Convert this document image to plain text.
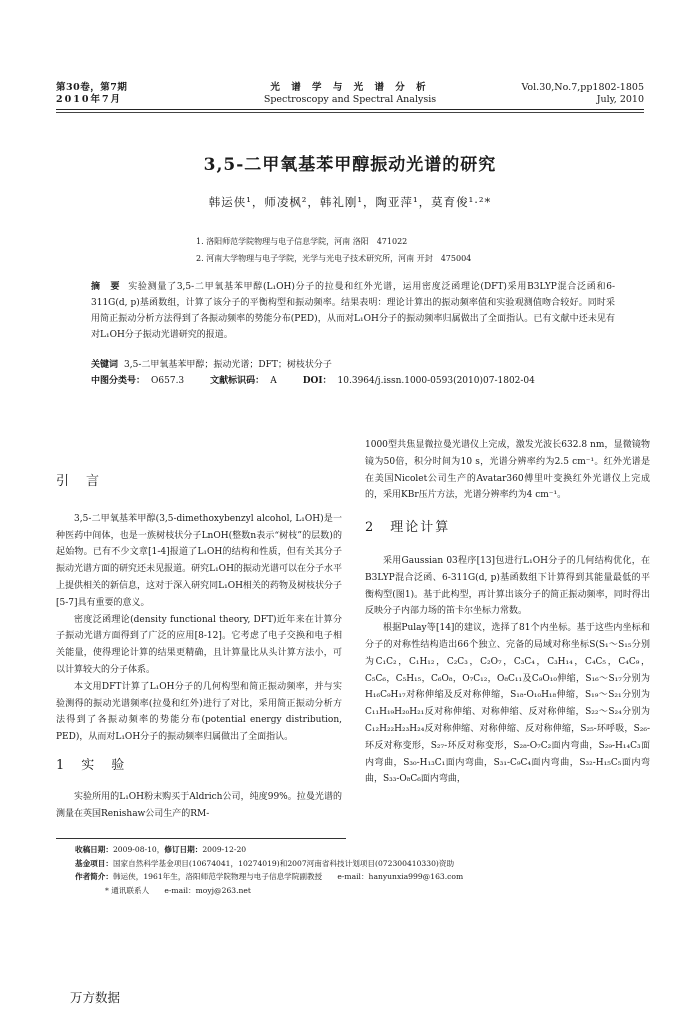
第30卷，第7期
2010年7月
光 谱 学 与 光 谱 分 析
Spectroscopy and Spectral Analysis
Vol.30,No.7,pp1802-1805
July, 2010
3,5-二甲氧基苯甲醇振动光谱的研究
韩运侠¹，师凌枫²，韩礼刚¹，陶亚萍¹，莫育俊¹·²*
1. 洛阳师范学院物理与电子信息学院，河南 洛阳　471022
2. 河南大学物理与电子学院，光学与光电子技术研究所，河南 开封　475004
摘　要 实验测量了3,5-二甲氧基苯甲醇(L₁OH)分子的拉曼和红外光谱，运用密度泛函理论(DFT)采用B3LYP混合泛函和6-311G(d, p)基函数组，计算了该分子的平衡构型和振动频率。结果表明：理论计算出的振动频率值和实验观测值吻合较好。同时采用简正振动分析方法得到了各振动频率的势能分布(PED)，从而对L₁OH分子的振动频率归属做出了全面指认。已有文献中还未见有对L₁OH分子振动光谱研究的报道。
关键词 3,5-二甲氧基苯甲醇；振动光谱；DFT；树枝状分子
中图分类号： O657.3	文献标识码： A	DOI： 10.3964/j.issn.1000-0593(2010)07-1802-04
引　言

3,5-二甲氧基苯甲醇(3,5-dimethoxybenzyl alcohol, L₁OH)是一种医药中间体，也是一族树枝状分子LnOH(整数n表示“树枝”的层数)的起始物。已有不少文章[1-4]报道了L₁OH的结构和性质，但有关其分子振动光谱方面的研究还未见报道。研究L₁OH的振动光谱可以在分子水平上提供相关的新信息，这对于深入研究同L₁OH相关的药物及树枝状分子[5-7]具有重要的意义。

密度泛函理论(density functional theory, DFT)近年来在计算分子振动光谱方面得到了广泛的应用[8-12]。它考虑了电子交换和电子相关能量，使得理论计算的结果更精确，且计算量比从头计算方法小，可以计算较大的分子体系。

本文用DFT计算了L₁OH分子的几何构型和简正振动频率，并与实验测得的振动光谱频率(拉曼和红外)进行了对比，采用简正振动分析方法得到了各振动频率的势能分布(potential energy distribution, PED)，从而对L₁OH分子的振动频率归属做出了全面指认。

1　实　验

实验所用的L₁OH粉末购买于Aldrich公司，纯度99%。拉曼光谱的测量在英国Renishaw公司生产的RM-

1000型共焦显微拉曼光谱仪上完成，激发光波长632.8 nm，显微镜物镜为50倍，积分时间为10 s，光谱分辨率约为2.5 cm⁻¹。红外光谱是在美国Nicolet公司生产的Avatar360傅里叶变换红外光谱仪上完成的，采用KBr压片方法，光谱分辨率约为4 cm⁻¹。

2　理论计算

采用Gaussian 03程序[13]包进行L₁OH分子的几何结构优化，在B3LYP混合泛函、6-311G(d, p)基函数组下计算得到其能量最低的平衡构型(图1)。基于此构型，再计算出该分子的简正振动频率，同时得出反映分子内部力场的笛卡尔坐标力常数。

根据Pulay等[14]的建议，选择了81个内坐标。基于这些内坐标和分子的对称性结构造出66个独立、完备的局域对称坐标S(S₁～S₁₅分别为C₁C₂，C₁H₁₂，C₂C₃，C₂O₇，C₃C₄，C₃H₁₄，C₄C₅，C₄C₉，C₅C₆，C₅H₁₅，C₆O₈，O₇C₁₂，O₈C₁₁及C₉O₁₀伸缩，S₁₆～S₁₇分别为H₁₆C₉H₁₇对称伸缩及反对称伸缩，S₁₈-O₁₀H₁₈伸缩，S₁₉～S₂₁分别为C₁₁H₁₉H₂₀H₂₁反对称伸缩、对称伸缩、反对称伸缩，S₂₂～S₂₄分别为C₁₂H₂₂H₂₃H₂₄反对称伸缩、对称伸缩、反对称伸缩，S₂₅-环呼吸，S₂₆-环反对称变形，S₂₇-环反对称变形，S₂₈-O₇C₂面内弯曲，S₂₉-H₁₄C₃面内弯曲，S₃₀-H₁₃C₁面内弯曲，S₃₁-C₉C₄面内弯曲，S₃₂-H₁₅C₅面内弯曲，S₃₃-O₈C₆面内弯曲，

收稿日期：2009-08-10，修订日期：2009-12-20
基金项目：国家自然科学基金项目(10674041，10274019)和2007河南省科技计划项目(072300410330)资助
作者简介：韩运侠，1961年生，洛阳师范学院物理与电子信息学院副教授　　e-mail：hanyunxia999@163.com
* 通讯联系人　　e-mail：moyj@263.net
万方数据
